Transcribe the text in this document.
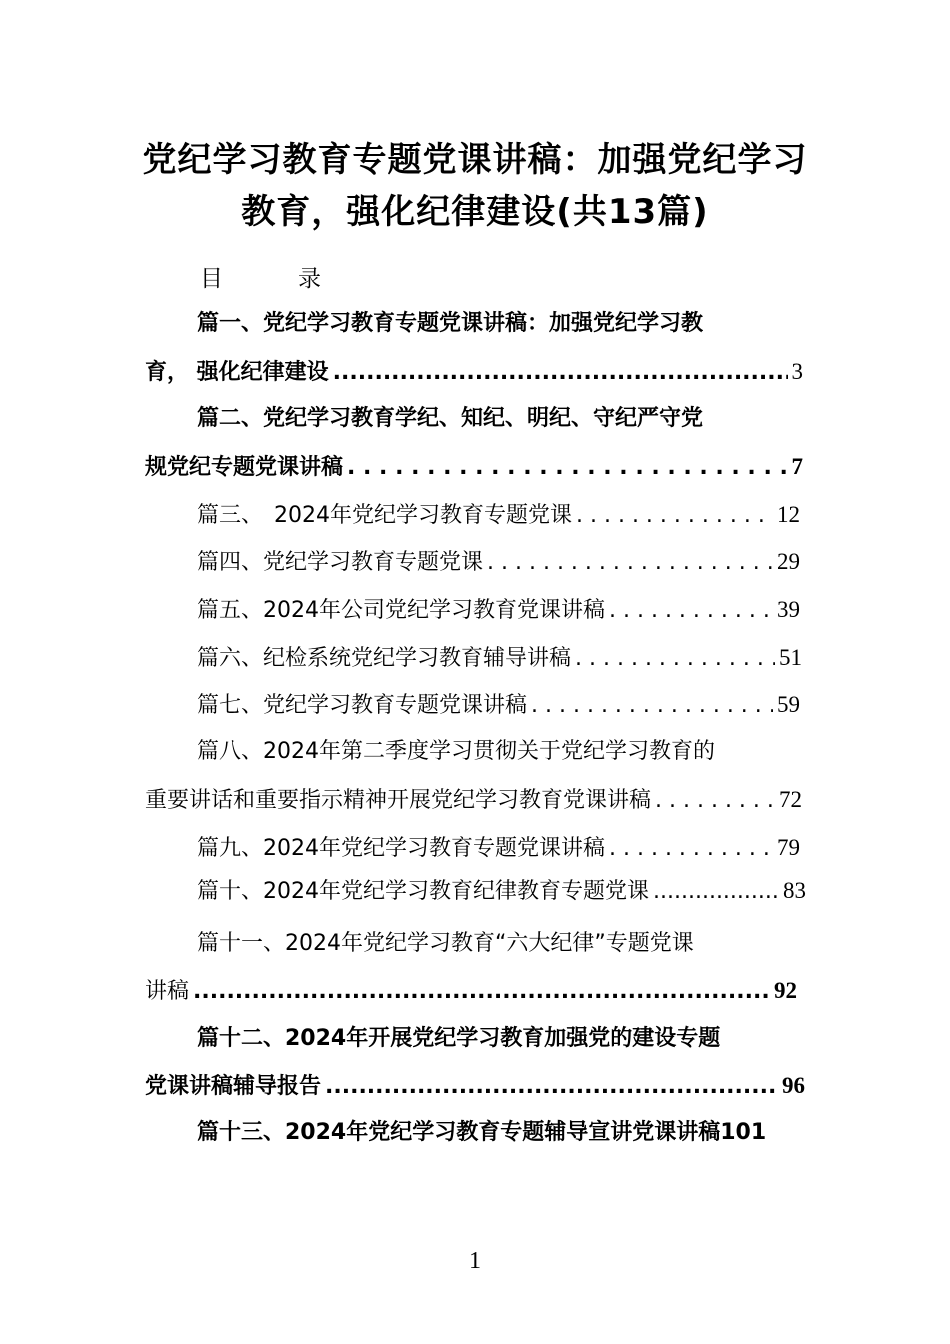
党纪学习教育专题党课讲稿：加强党纪学习
教育，强化纪律建设(共13篇)
目　录
篇一、党纪学习教育专题党课讲稿：加强党纪学习教
育， 强化纪律建设 .....	3
篇二、党纪学习教育学纪、知纪、明纪、守纪严守党
规党纪专题党课讲稿 . . .	7
篇三、　2024年党纪学习教育专题党课 . . .	12
篇四、党纪学习教育专题党课 . . .	29
篇五、2024年公司党纪学习教育党课讲稿 . . .	39
篇六、纪检系统党纪学习教育辅导讲稿 . . .	51
篇七、党纪学习教育专题党课讲稿 . . .	59
篇八、2024年第二季度学习贯彻关于党纪学习教育的
重要讲话和重要指示精神开展党纪学习教育党课讲稿 . . .	72
篇九、2024年党纪学习教育专题党课讲稿 . . .	79
篇十、2024年党纪学习教育纪律教育专题党课 .....	83
篇十一、2024年党纪学习教育“六大纪律”专题党课
讲稿 .....	92
篇十二、2024年开展党纪学习教育加强党的建设专题
党课讲稿辅导报告 .....	96
篇十三、2024年党纪学习教育专题辅导宣讲党课讲稿 101
1
